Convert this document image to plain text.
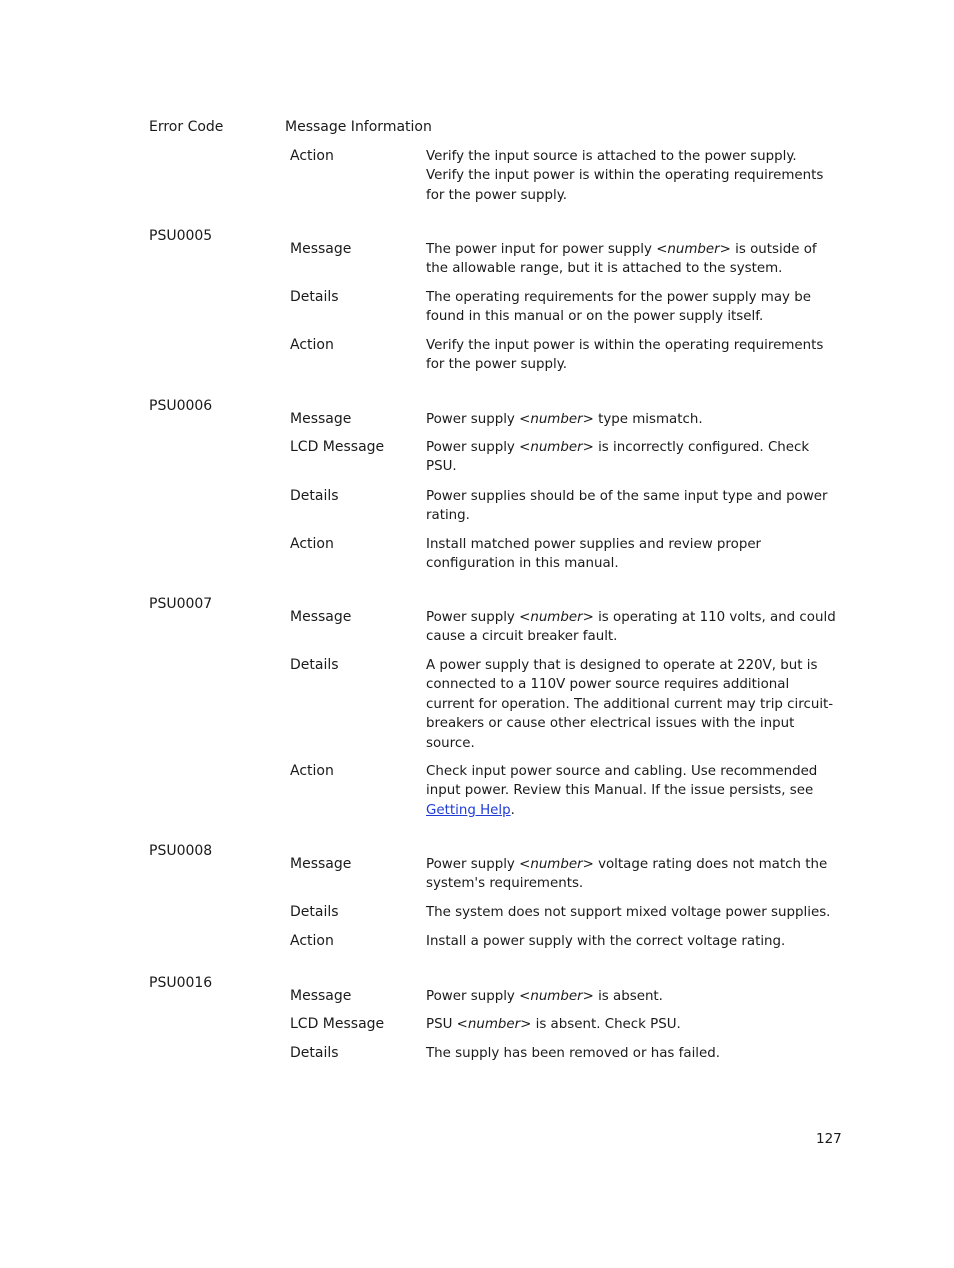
Error Code	Message Information
Action	Verify the input source is attached to the power supply.
Verify the input power is within the operating requirements
for the power supply.
PSU0005
Message	The power input for power supply <number> is outside of
the allowable range, but it is attached to the system.
Details	The operating requirements for the power supply may be
found in this manual or on the power supply itself.
Action	Verify the input power is within the operating requirements
for the power supply.
PSU0006
Message	Power supply <number> type mismatch.
LCD Message	Power supply <number> is incorrectly configured. Check
PSU.
Details	Power supplies should be of the same input type and power
rating.
Action	Install matched power supplies and review proper
configuration in this manual.
PSU0007
Message	Power supply <number> is operating at 110 volts, and could
cause a circuit breaker fault.
Details	A power supply that is designed to operate at 220V, but is
connected to a 110V power source requires additional
current for operation. The additional current may trip circuit-
breakers or cause other electrical issues with the input
source.
Action	Check input power source and cabling. Use recommended
input power. Review this Manual. If the issue persists, see
Getting Help.
PSU0008
Message	Power supply <number> voltage rating does not match the
system's requirements.
Details	The system does not support mixed voltage power supplies.
Action	Install a power supply with the correct voltage rating.
PSU0016
Message	Power supply <number> is absent.
LCD Message	PSU <number> is absent. Check PSU.
Details	The supply has been removed or has failed.
127
